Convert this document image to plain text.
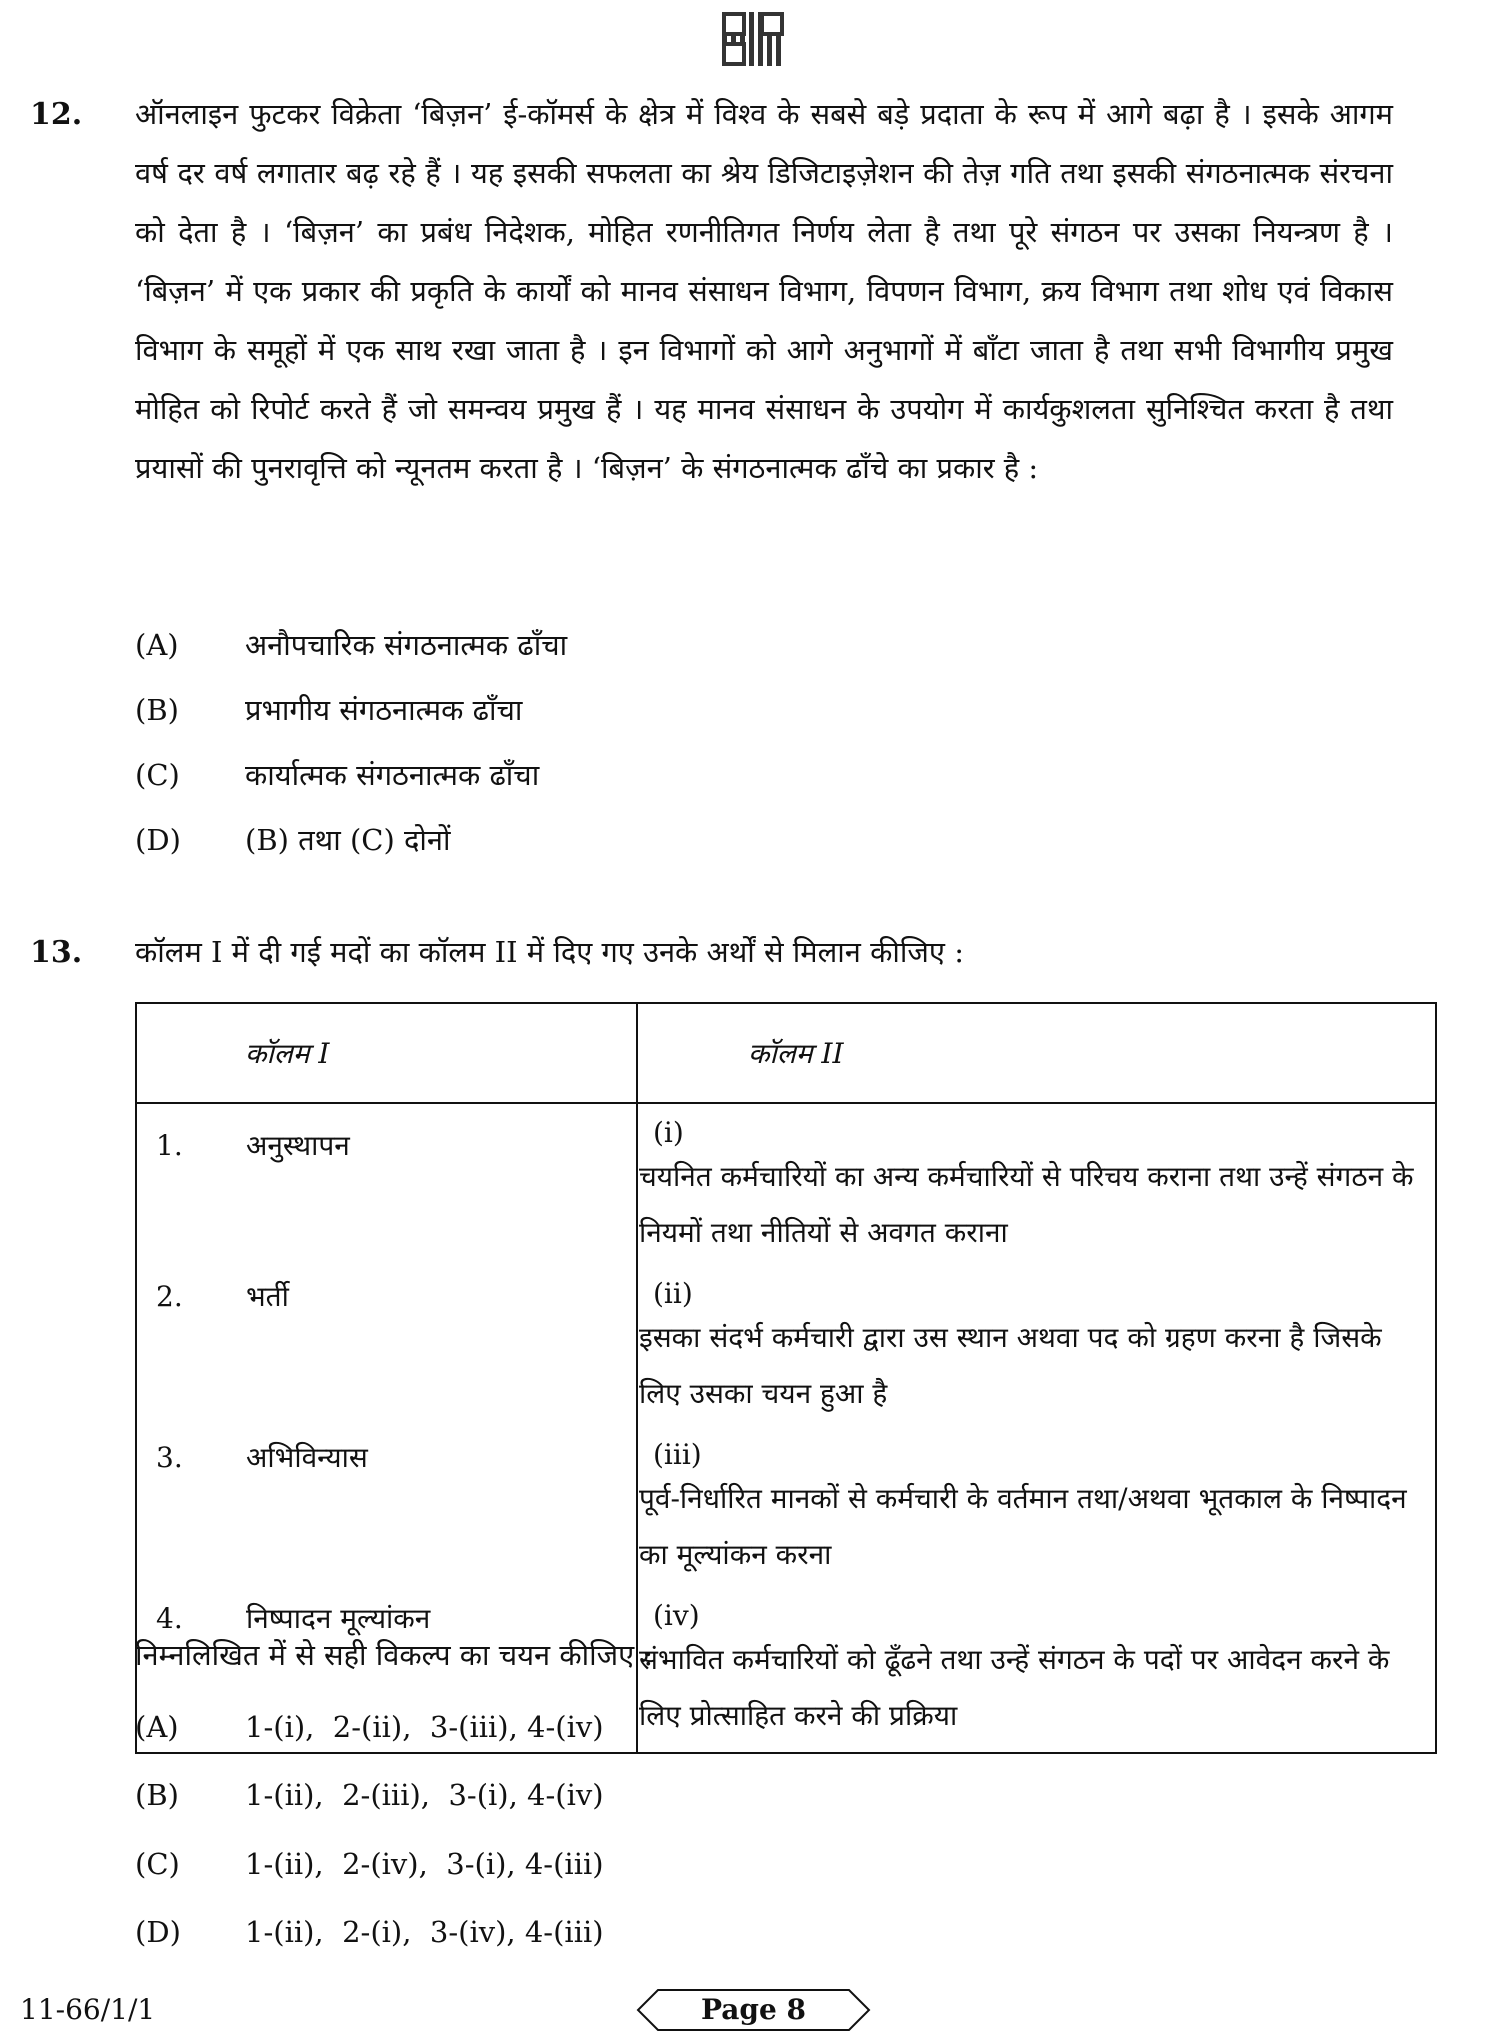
12. ऑनलाइन फुटकर विक्रेता ‘बिज़न’ ई-कॉमर्स के क्षेत्र में विश्व के सबसे बड़े प्रदाता के रूप में आगे बढ़ा है । इसके आगम वर्ष दर वर्ष लगातार बढ़ रहे हैं । यह इसकी सफलता का श्रेय डिजिटाइज़ेशन की तेज़ गति तथा इसकी संगठनात्मक संरचना को देता है । ‘बिज़न’ का प्रबंध निदेशक, मोहित रणनीतिगत निर्णय लेता है तथा पूरे संगठन पर उसका नियन्त्रण है । ‘बिज़न’ में एक प्रकार की प्रकृति के कार्यों को मानव संसाधन विभाग, विपणन विभाग, क्रय विभाग तथा शोध एवं विकास विभाग के समूहों में एक साथ रखा जाता है । इन विभागों को आगे अनुभागों में बाँटा जाता है तथा सभी विभागीय प्रमुख मोहित को रिपोर्ट करते हैं जो समन्वय प्रमुख हैं । यह मानव संसाधन के उपयोग में कार्यकुशलता सुनिश्चित करता है तथा प्रयासों की पुनरावृत्ति को न्यूनतम करता है । ‘बिज़न’ के संगठनात्मक ढाँचे का प्रकार है :
(A) अनौपचारिक संगठनात्मक ढाँचा
(B) प्रभागीय संगठनात्मक ढाँचा
(C) कार्यात्मक संगठनात्मक ढाँचा
(D) (B) तथा (C) दोनों
13. कॉलम I में दी गई मदों का कॉलम II में दिए गए उनके अर्थों से मिलान कीजिए :
कॉलम I	कॉलम II
1. अनुस्थापन	(i)चयनित कर्मचारियों का अन्य कर्मचारियों से परिचय कराना तथा उन्हें संगठन के नियमों तथा नीतियों से अवगत कराना
2. भर्ती	(ii)इसका संदर्भ कर्मचारी द्वारा उस स्थान अथवा पद को ग्रहण करना है जिसके लिए उसका चयन हुआ है
3. अभिविन्यास	(iii)पूर्व-निर्धारित मानकों से कर्मचारी के वर्तमान तथा/अथवा भूतकाल के निष्पादन का मूल्यांकन करना
4. निष्पादन मूल्यांकन	(iv)संभावित कर्मचारियों को ढूँढने तथा उन्हें संगठन के पदों पर आवेदन करने के लिए प्रोत्साहित करने की प्रक्रिया
निम्नलिखित में से सही विकल्प का चयन कीजिए :
(A) 1-(i),  2-(ii),  3-(iii), 4-(iv)
(B) 1-(ii),  2-(iii),  3-(i), 4-(iv)
(C) 1-(ii),  2-(iv),  3-(i), 4-(iii)
(D) 1-(ii),  2-(i),  3-(iv), 4-(iii)
11-66/1/1	Page 8
